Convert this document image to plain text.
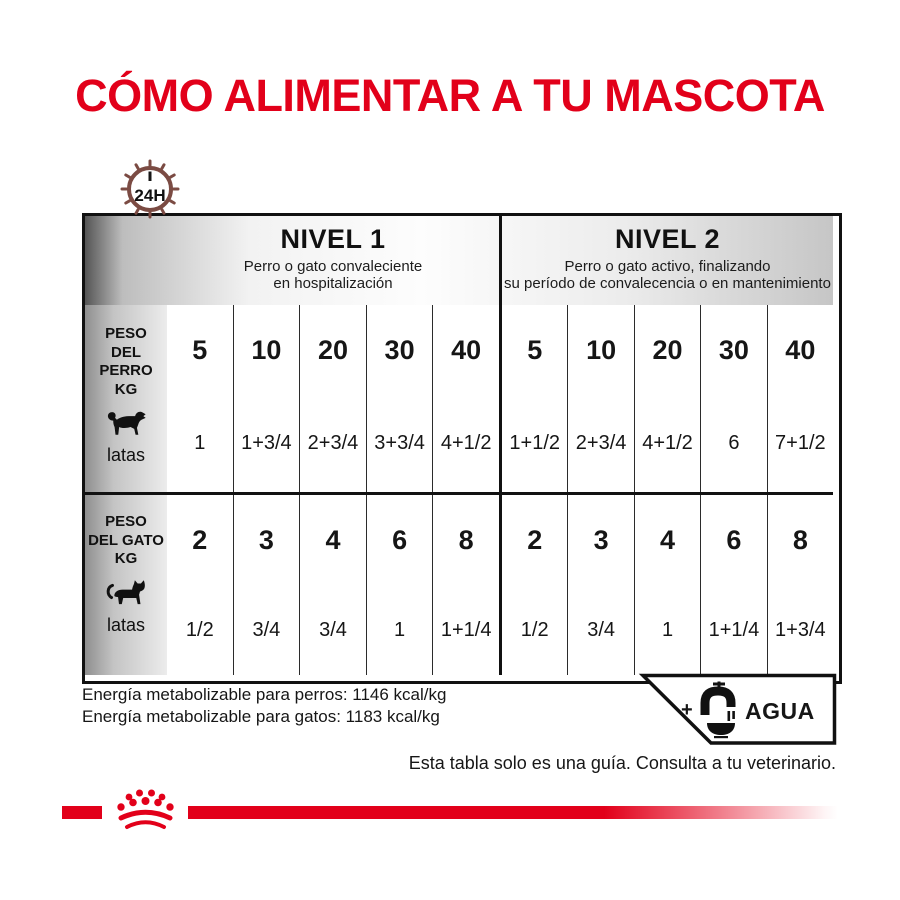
CÓMO ALIMENTAR A TU MASCOTA
24H
NIVEL 1
Perro o gato convaleciente
en hospitalización
NIVEL 2
Perro o gato activo, finalizando
su período de convalecencia o en mantenimiento
PESO
DEL PERRO
KG
latas
PESO
DEL GATO
KG
latas
5
1
2
1/2
10
1+3/4
3
3/4
20
2+3/4
4
3/4
30
3+3/4
6
1
40
4+1/2
8
1+1/4
5
1+1/2
2
1/2
10
2+3/4
3
3/4
20
4+1/2
4
1
30
6
6
1+1/4
40
7+1/2
8
1+3/4
Energía metabolizable para perros: 1146 kcal/kg
Energía metabolizable para gatos: 1183 kcal/kg	+ AGUA
Esta tabla solo es una guía. Consulta a tu veterinario.
